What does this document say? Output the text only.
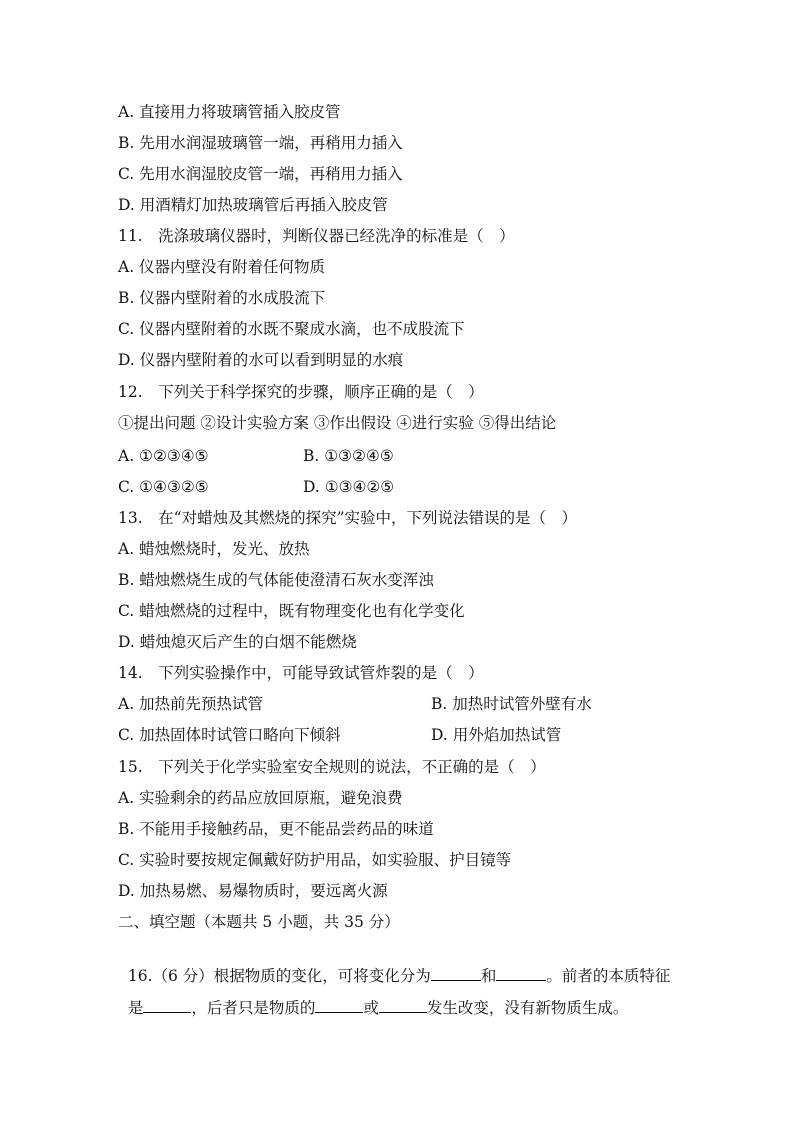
A. 直接用力将玻璃管插入胶皮管
B. 先用水润湿玻璃管一端，再稍用力插入
C. 先用水润湿胶皮管一端，再稍用力插入
D. 用酒精灯加热玻璃管后再插入胶皮管
11.　洗涤玻璃仪器时，判断仪器已经洗净的标准是（　）
A. 仪器内壁没有附着任何物质
B. 仪器内壁附着的水成股流下
C. 仪器内壁附着的水既不聚成水滴，也不成股流下
D. 仪器内壁附着的水可以看到明显的水痕
12.　下列关于科学探究的步骤，顺序正确的是（　）
①提出问题 ②设计实验方案 ③作出假设 ④进行实验 ⑤得出结论
A. ①②③④⑤	B. ①③②④⑤
C. ①④③②⑤	D. ①③④②⑤
13.　在“对蜡烛及其燃烧的探究”实验中，下列说法错误的是（　）
A. 蜡烛燃烧时，发光、放热
B. 蜡烛燃烧生成的气体能使澄清石灰水变浑浊
C. 蜡烛燃烧的过程中，既有物理变化也有化学变化
D. 蜡烛熄灭后产生的白烟不能燃烧
14.　下列实验操作中，可能导致试管炸裂的是（　）
A. 加热前先预热试管	B. 加热时试管外壁有水
C. 加热固体时试管口略向下倾斜	D. 用外焰加热试管
15.　下列关于化学实验室安全规则的说法，不正确的是（　）
A. 实验剩余的药品应放回原瓶，避免浪费
B. 不能用手接触药品，更不能品尝药品的味道
C. 实验时要按规定佩戴好防护用品，如实验服、护目镜等
D. 加热易燃、易爆物质时，要远离火源
二、填空题（本题共 5 小题，共 35 分）

16.（6 分）根据物质的变化，可将变化分为	和	。前者的本质特征

是	，后者只是物质的	或	发生改变，没有新物质生成。
